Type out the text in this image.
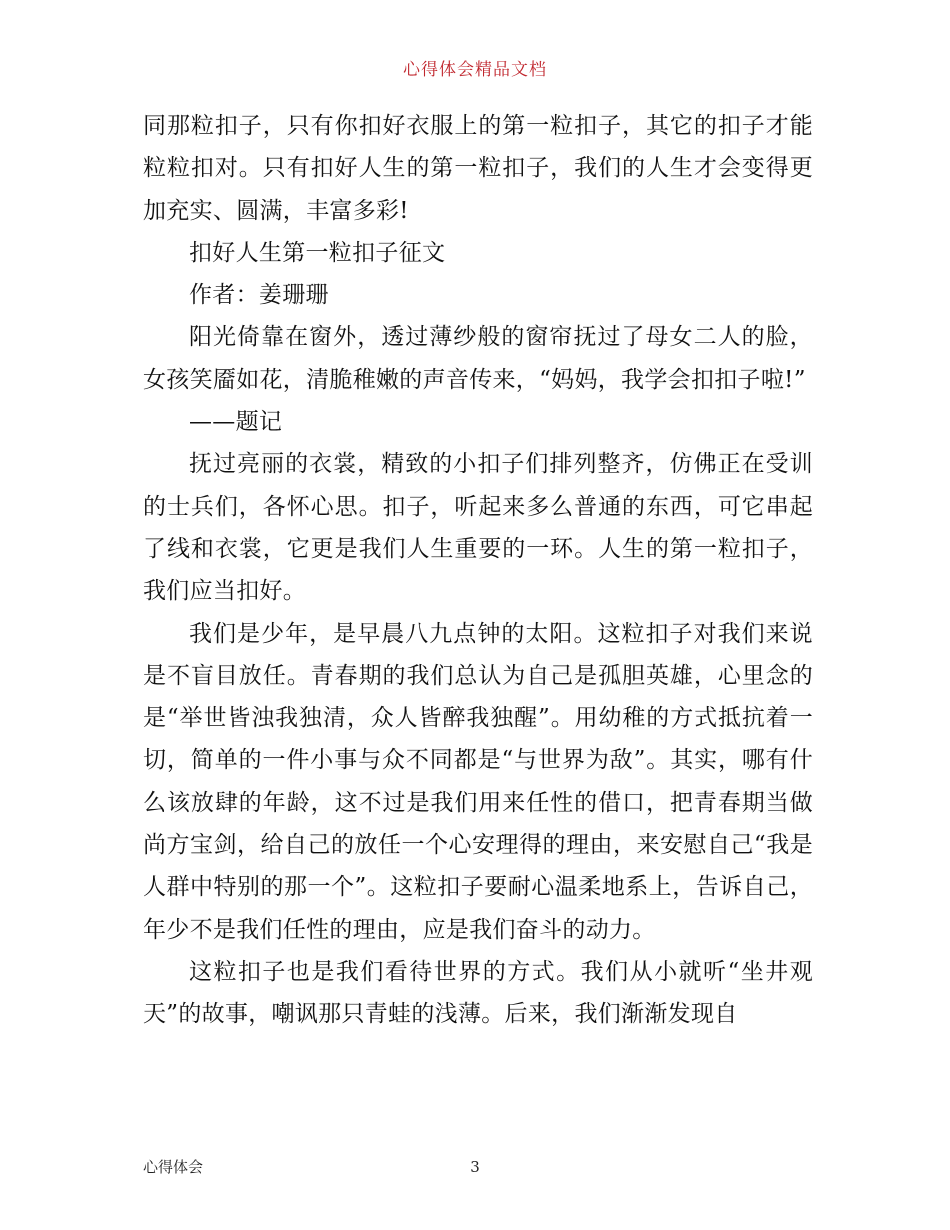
心得体会精品文档

同那粒扣子，只有你扣好衣服上的第一粒扣子，其它的扣子才能粒粒扣对。只有扣好人生的第一粒扣子，我们的人生才会变得更加充实、圆满，丰富多彩!

扣好人生第一粒扣子征文

作者：姜珊珊

阳光倚靠在窗外，透过薄纱般的窗帘抚过了母女二人的脸，女孩笑靥如花，清脆稚嫩的声音传来，“妈妈，我学会扣扣子啦!”

——题记

抚过亮丽的衣裳，精致的小扣子们排列整齐，仿佛正在受训的士兵们，各怀心思。扣子，听起来多么普通的东西，可它串起了线和衣裳，它更是我们人生重要的一环。人生的第一粒扣子，我们应当扣好。

我们是少年，是早晨八九点钟的太阳。这粒扣子对我们来说是不盲目放任。青春期的我们总认为自己是孤胆英雄，心里念的是“举世皆浊我独清，众人皆醉我独醒”。用幼稚的方式抵抗着一切，简单的一件小事与众不同都是“与世界为敌”。其实，哪有什么该放肆的年龄，这不过是我们用来任性的借口，把青春期当做尚方宝剑，给自己的放任一个心安理得的理由，来安慰自己“我是人群中特别的那一个”。这粒扣子要耐心温柔地系上，告诉自己，年少不是我们任性的理由，应是我们奋斗的动力。

这粒扣子也是我们看待世界的方式。我们从小就听“坐井观天”的故事，嘲讽那只青蛙的浅薄。后来，我们渐渐发现自

心得体会	3
